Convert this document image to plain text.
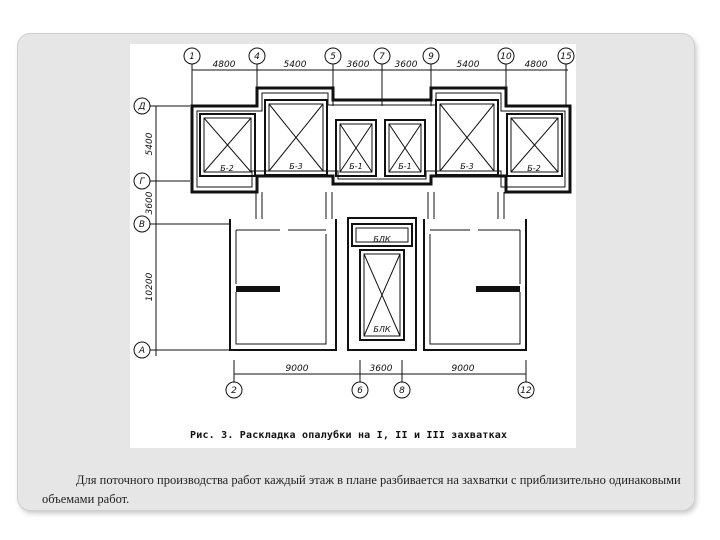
1	4	5	7	9	10	15
Д
Г
В
А
2	6	8	12
4800	5400	3600	3600	5400	4800
9000	3600	9000
5400
3600
10200
Б-2	Б-3	Б-1	Б-1	Б-3	Б-2
БЛК
БЛК
Рис. 3. Раскладка опалубки на I, II и III захватках
Для поточного производства работ каждый этаж в плане разбивается на захватки с приблизительно одинаковыми объемами работ.
